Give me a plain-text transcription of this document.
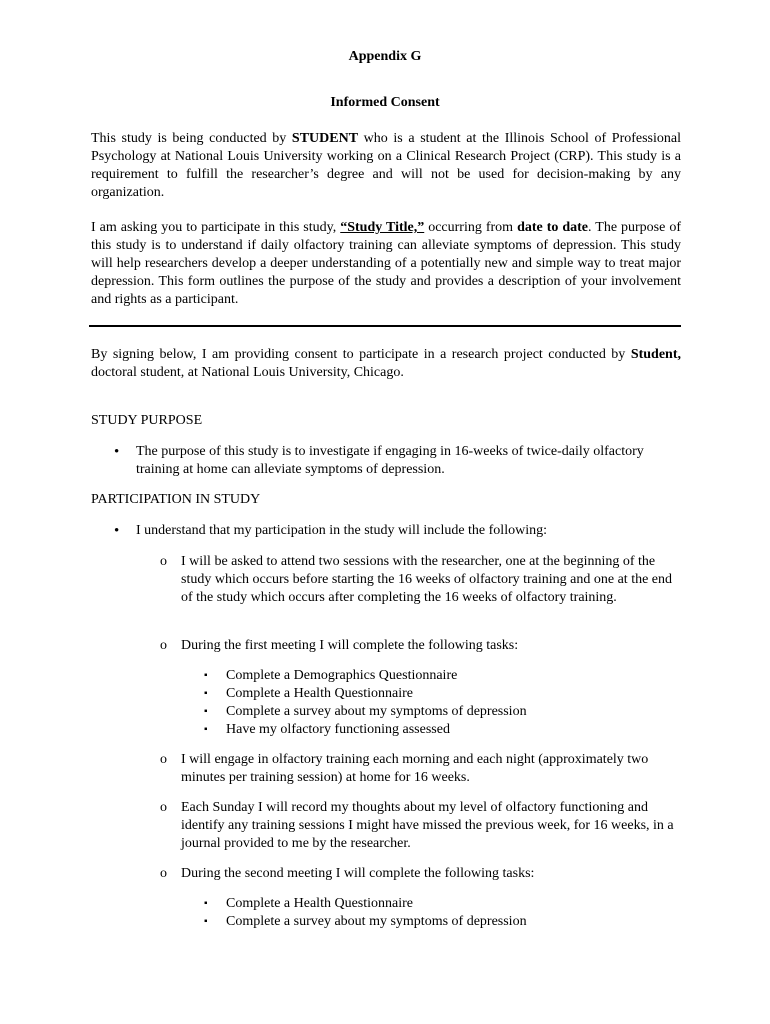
Appendix G
Informed Consent
This study is being conducted by STUDENT who is a student at the Illinois School of Professional Psychology at National Louis University working on a Clinical Research Project (CRP). This study is a requirement to fulfill the researcher’s degree and will not be used for decision-making by any organization.
I am asking you to participate in this study, “Study Title,” occurring from date to date. The purpose of this study is to understand if daily olfactory training can alleviate symptoms of depression. This study will help researchers develop a deeper understanding of a potentially new and simple way to treat major depression. This form outlines the purpose of the study and provides a description of your involvement and rights as a participant.
By signing below, I am providing consent to participate in a research project conducted by Student, doctoral student, at National Louis University, Chicago.
STUDY PURPOSE
• The purpose of this study is to investigate if engaging in 16-weeks of twice-daily olfactory training at home can alleviate symptoms of depression.
PARTICIPATION IN STUDY
• I understand that my participation in the study will include the following:
o I will be asked to attend two sessions with the researcher, one at the beginning of the study which occurs before starting the 16 weeks of olfactory training and one at the end of the study which occurs after completing the 16 weeks of olfactory training.
o During the first meeting I will complete the following tasks:
▪ Complete a Demographics Questionnaire
▪ Complete a Health Questionnaire
▪ Complete a survey about my symptoms of depression
▪ Have my olfactory functioning assessed
o I will engage in olfactory training each morning and each night (approximately two minutes per training session) at home for 16 weeks.
o Each Sunday I will record my thoughts about my level of olfactory functioning and identify any training sessions I might have missed the previous week, for 16 weeks, in a journal provided to me by the researcher.
o During the second meeting I will complete the following tasks:
▪ Complete a Health Questionnaire
▪ Complete a survey about my symptoms of depression
